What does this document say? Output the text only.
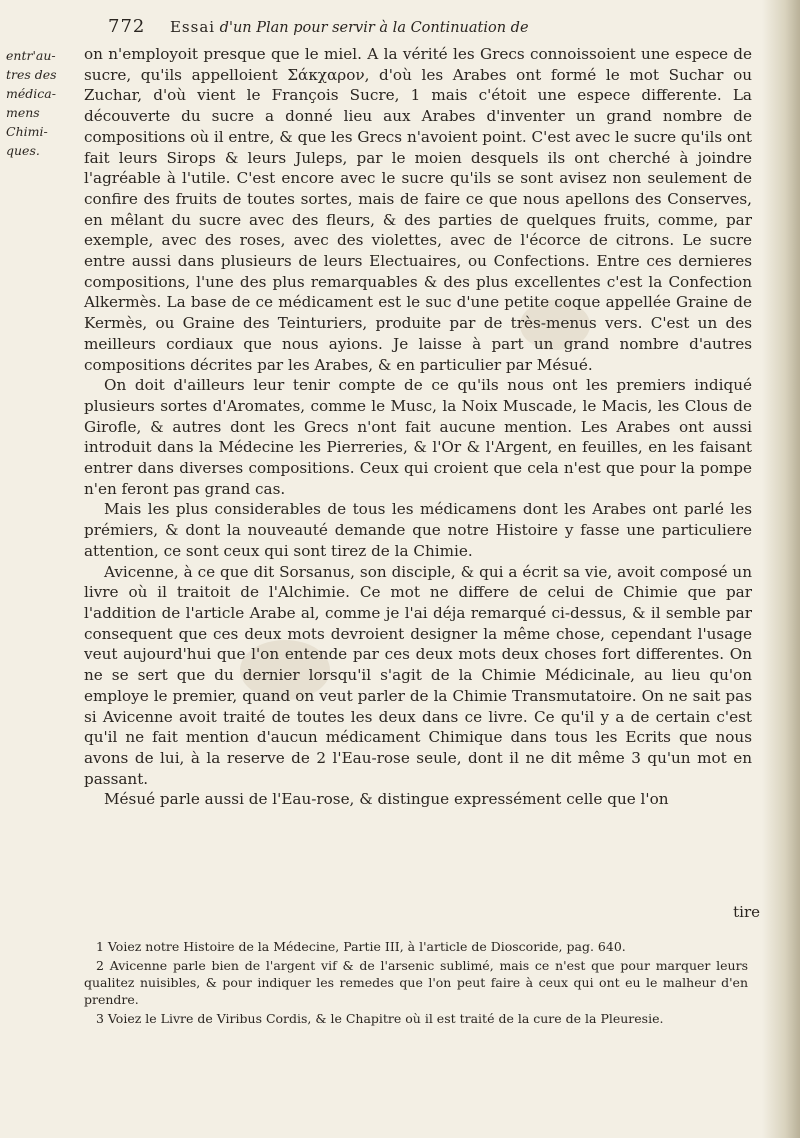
772 Essai d'un Plan pour servir à la Continuation de
entr'au-
tres des
médica-
mens
Chimi-
ques.

on n'employoit presque que le miel. A la vérité les Grecs connoissoient une espece de sucre, qu'ils appelloient Σάκχαρον, d'où les Arabes ont formé le mot Suchar ou Zuchar, d'où vient le François Sucre, 1 mais c'étoit une espece differente. La découverte du sucre a donné lieu aux Arabes d'inventer un grand nombre de compositions où il entre, & que les Grecs n'avoient point. C'est avec le sucre qu'ils ont fait leurs Sirops & leurs Juleps, par le moien desquels ils ont cherché à joindre l'agréable à l'utile. C'est encore avec le sucre qu'ils se sont avisez non seulement de confire des fruits de toutes sortes, mais de faire ce que nous apellons des Conserves, en mêlant du sucre avec des fleurs, & des parties de quelques fruits, comme, par exemple, avec des roses, avec des violettes, avec de l'écorce de citrons. Le sucre entre aussi dans plusieurs de leurs Electuaires, ou Confections. Entre ces dernieres compositions, l'une des plus remarquables & des plus excellentes c'est la Confection Alkermès. La base de ce médicament est le suc d'une petite coque appellée Graine de Kermès, ou Graine des Teinturiers, produite par de très-menus vers. C'est un des meilleurs cordiaux que nous ayions. Je laisse à part un grand nombre d'autres compositions décrites par les Arabes, & en particulier par Mésué.

On doit d'ailleurs leur tenir compte de ce qu'ils nous ont les premiers indiqué plusieurs sortes d'Aromates, comme le Musc, la Noix Muscade, le Macis, les Clous de Girofle, & autres dont les Grecs n'ont fait aucune mention. Les Arabes ont aussi introduit dans la Médecine les Pierreries, & l'Or & l'Argent, en feuilles, en les faisant entrer dans diverses compositions. Ceux qui croient que cela n'est que pour la pompe n'en feront pas grand cas.

Mais les plus considerables de tous les médicamens dont les Arabes ont parlé les prémiers, & dont la nouveauté demande que notre Histoire y fasse une particuliere attention, ce sont ceux qui sont tirez de la Chimie.

Avicenne, à ce que dit Sorsanus, son disciple, & qui a écrit sa vie, avoit composé un livre où il traitoit de l'Alchimie. Ce mot ne differe de celui de Chimie que par l'addition de l'article Arabe al, comme je l'ai déja remarqué ci-dessus, & il semble par consequent que ces deux mots devroient designer la même chose, cependant l'usage veut aujourd'hui que l'on entende par ces deux mots deux choses fort differentes. On ne se sert que du dernier lorsqu'il s'agit de la Chimie Médicinale, au lieu qu'on employe le premier, quand on veut parler de la Chimie Transmutatoire. On ne sait pas si Avicenne avoit traité de toutes les deux dans ce livre. Ce qu'il y a de certain c'est qu'il ne fait mention d'aucun médicament Chimique dans tous les Ecrits que nous avons de lui, à la reserve de 2 l'Eau-rose seule, dont il ne dit même 3 qu'un mot en passant.

Mésué parle aussi de l'Eau-rose, & distingue expressément celle que l'on

tire

1 Voiez notre Histoire de la Médecine, Partie III, à l'article de Dioscoride, pag. 640.

2 Avicenne parle bien de l'argent vif & de l'arsenic sublimé, mais ce n'est que pour marquer leurs qualitez nuisibles, & pour indiquer les remedes que l'on peut faire à ceux qui ont eu le malheur d'en prendre.

3 Voiez le Livre de Viribus Cordis, & le Chapitre où il est traité de la cure de la Pleuresie.
